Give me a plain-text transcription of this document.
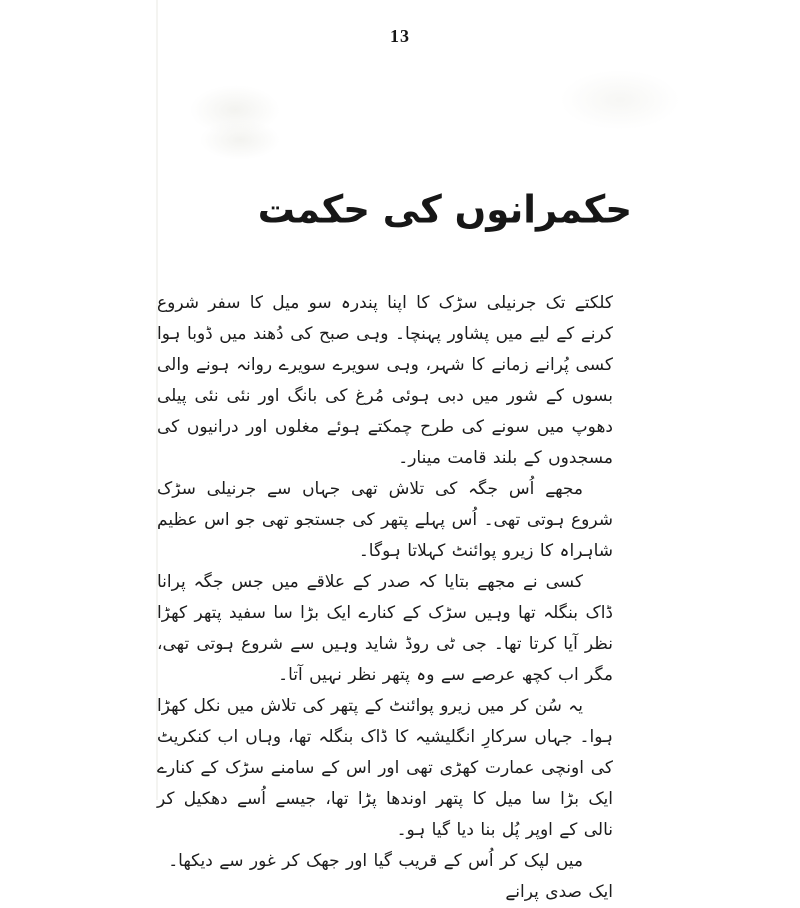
13
حکمرانوں کی حکمت

کلکتے تک جرنیلی سڑک کا اپنا پندرہ سو میل کا سفر شروع کرنے کے لیے میں پشاور پہنچا۔ وہی صبح کی دُھند میں ڈوبا ہوا کسی پُرانے زمانے کا شہر، وہی سویرے سویرے روانہ ہونے والی بسوں کے شور میں دبی ہوئی مُرغ کی بانگ اور نئی نئی پیلی دھوپ میں سونے کی طرح چمکتے ہوئے مغلوں اور درانیوں کی مسجدوں کے بلند قامت مینار۔

مجھے اُس جگہ کی تلاش تھی جہاں سے جرنیلی سڑک شروع ہوتی تھی۔ اُس پہلے پتھر کی جستجو تھی جو اس عظیم شاہراہ کا زیرو پوائنٹ کہلاتا ہوگا۔

کسی نے مجھے بتایا کہ صدر کے علاقے میں جس جگہ پرانا ڈاک بنگلہ تھا وہیں سڑک کے کنارے ایک بڑا سا سفید پتھر کھڑا نظر آیا کرتا تھا۔ جی ٹی روڈ شاید وہیں سے شروع ہوتی تھی، مگر اب کچھ عرصے سے وہ پتھر نظر نہیں آتا۔

یہ سُن کر میں زیرو پوائنٹ کے پتھر کی تلاش میں نکل کھڑا ہوا۔ جہاں سرکارِ انگلیشیہ کا ڈاک بنگلہ تھا، وہاں اب کنکریٹ کی اونچی عمارت کھڑی تھی اور اس کے سامنے سڑک کے کنارے ایک بڑا سا میل کا پتھر اوندھا پڑا تھا، جیسے اُسے دھکیل کر نالی کے اوپر پُل بنا دیا گیا ہو۔

میں لپک کر اُس کے قریب گیا اور جھک کر غور سے دیکھا۔ ایک صدی پرانے
